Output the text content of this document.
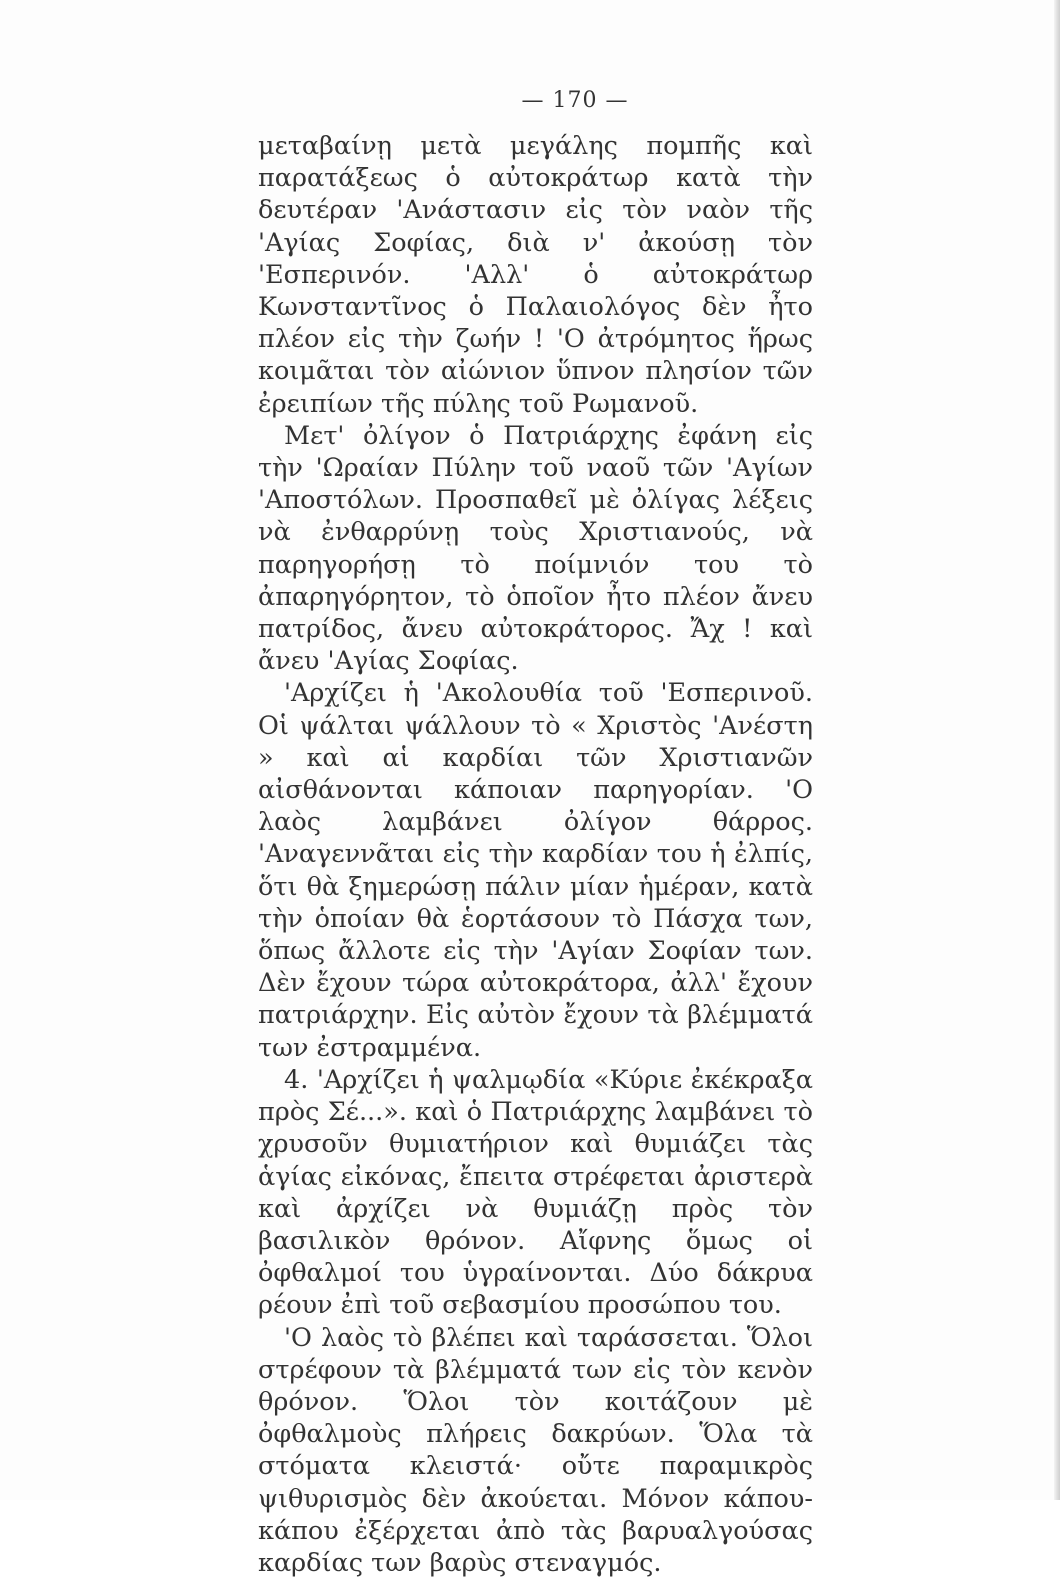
— 170 —

μεταβαίνῃ μετὰ μεγάλης πομπῆς καὶ παρατάξεως ὁ αὐτοκράτωρ κατὰ τὴν δευτέραν 'Ανάστασιν εἰς τὸν ναὸν τῆς 'Αγίας Σοφίας, διὰ ν' ἀκούσῃ τὸν 'Εσπερινόν. 'Αλλ' ὁ αὐτοκράτωρ Κωνσταντῖνος ὁ Παλαιολόγος δὲν ἦτο πλέον εἰς τὴν ζωήν ! 'Ο ἀτρόμητος ἥρως κοιμᾶται τὸν αἰώνιον ὕπνον πλησίον τῶν ἐρειπίων τῆς πύλης τοῦ Ρωμανοῦ.

Μετ' ὀλίγον ὁ Πατριάρχης ἐφάνη εἰς τὴν 'Ωραίαν Πύλην τοῦ ναοῦ τῶν 'Αγίων 'Αποστόλων. Προσπαθεῖ μὲ ὀλίγας λέξεις νὰ ἐνθαρρύνῃ τοὺς Χριστιανούς, νὰ παρηγορήσῃ τὸ ποίμνιόν του τὸ ἀπαρηγόρητον, τὸ ὁποῖον ἦτο πλέον ἄνευ πατρίδος, ἄνευ αὐτοκράτορος. Ἄχ ! καὶ ἄνευ 'Αγίας Σοφίας.

'Αρχίζει ἡ 'Ακολουθία τοῦ 'Εσπερινοῦ. Οἱ ψάλται ψάλλουν τὸ « Χριστὸς 'Ανέστη » καὶ αἱ καρδίαι τῶν Χριστιανῶν αἰσθάνονται κάποιαν παρηγορίαν. 'Ο λαὸς λαμβάνει ὀλίγον θάρρος. 'Αναγεννᾶται εἰς τὴν καρδίαν του ἡ ἐλπίς, ὅτι θὰ ξημερώσῃ πάλιν μίαν ἡμέραν, κατὰ τὴν ὁποίαν θὰ ἑορτάσουν τὸ Πάσχα των, ὅπως ἄλλοτε εἰς τὴν 'Αγίαν Σοφίαν των. Δὲν ἔχουν τώρα αὐτοκράτορα, ἀλλ' ἔχουν πατριάρχην. Εἰς αὐτὸν ἔχουν τὰ βλέμματά των ἐστραμμένα.

4. 'Αρχίζει ἡ ψαλμῳδία «Κύριε ἐκέκραξα πρὸς Σέ...». καὶ ὁ Πατριάρχης λαμβάνει τὸ χρυσοῦν θυμιατήριον καὶ θυμιάζει τὰς ἁγίας εἰκόνας, ἔπειτα στρέφεται ἀριστερὰ καὶ ἀρχίζει νὰ θυμιάζῃ πρὸς τὸν βασιλικὸν θρόνον. Αἴφνης ὅμως οἱ ὀφθαλμοί του ὑγραίνονται. Δύο δάκρυα ρέουν ἐπὶ τοῦ σεβασμίου προσώπου του.

'Ο λαὸς τὸ βλέπει καὶ ταράσσεται. Ὅλοι στρέφουν τὰ βλέμματά των εἰς τὸν κενὸν θρόνον. Ὅλοι τὸν κοιτάζουν μὲ ὀφθαλμοὺς πλήρεις δακρύων. Ὅλα τὰ στόματα κλειστά· οὔτε παραμικρὸς ψιθυρισμὸς δὲν ἀκούεται. Μόνον κάπου-κάπου ἐξέρχεται ἀπὸ τὰς βαρυαλγούσας καρδίας των βαρὺς στεναγμός.
